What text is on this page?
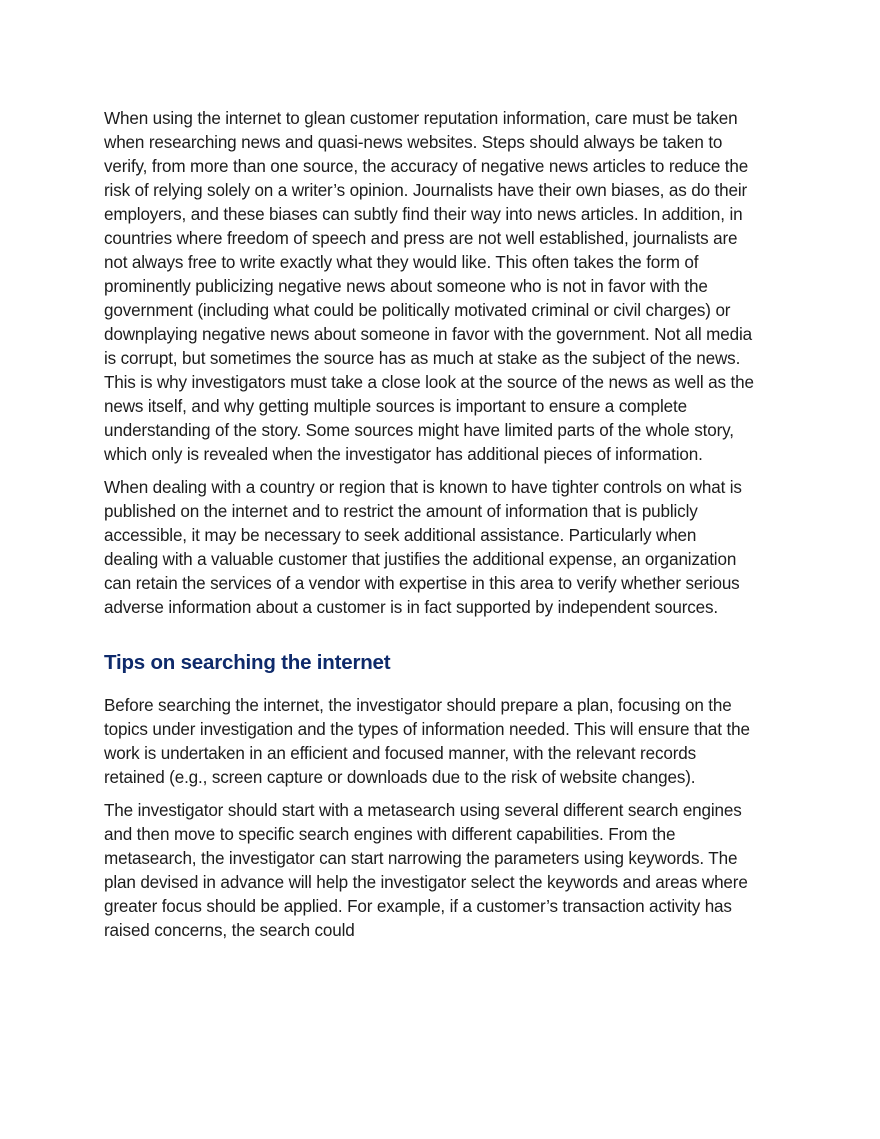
When using the internet to glean customer reputation information, care must be taken when researching news and quasi-news websites. Steps should always be taken to verify, from more than one source, the accuracy of negative news articles to reduce the risk of relying solely on a writer’s opinion. Journalists have their own biases, as do their employers, and these biases can subtly find their way into news articles. In addition, in countries where freedom of speech and press are not well established, journalists are not always free to write exactly what they would like. This often takes the form of prominently publicizing negative news about someone who is not in favor with the government (including what could be politically motivated criminal or civil charges) or downplaying negative news about someone in favor with the government. Not all media is corrupt, but sometimes the source has as much at stake as the subject of the news. This is why investigators must take a close look at the source of the news as well as the news itself, and why getting multiple sources is important to ensure a complete understanding of the story. Some sources might have limited parts of the whole story, which only is revealed when the investigator has additional pieces of information.

When dealing with a country or region that is known to have tighter controls on what is published on the internet and to restrict the amount of information that is publicly accessible, it may be necessary to seek additional assistance. Particularly when dealing with a valuable customer that justifies the additional expense, an organization can retain the services of a vendor with expertise in this area to verify whether serious adverse information about a customer is in fact supported by independent sources.

Tips on searching the internet

Before searching the internet, the investigator should prepare a plan, focusing on the topics under investigation and the types of information needed. This will ensure that the work is undertaken in an efficient and focused manner, with the relevant records retained (e.g., screen capture or downloads due to the risk of website changes).

The investigator should start with a metasearch using several different search engines and then move to specific search engines with different capabilities. From the metasearch, the investigator can start narrowing the parameters using keywords. The plan devised in advance will help the investigator select the keywords and areas where greater focus should be applied. For example, if a customer’s transaction activity has raised concerns, the search could
